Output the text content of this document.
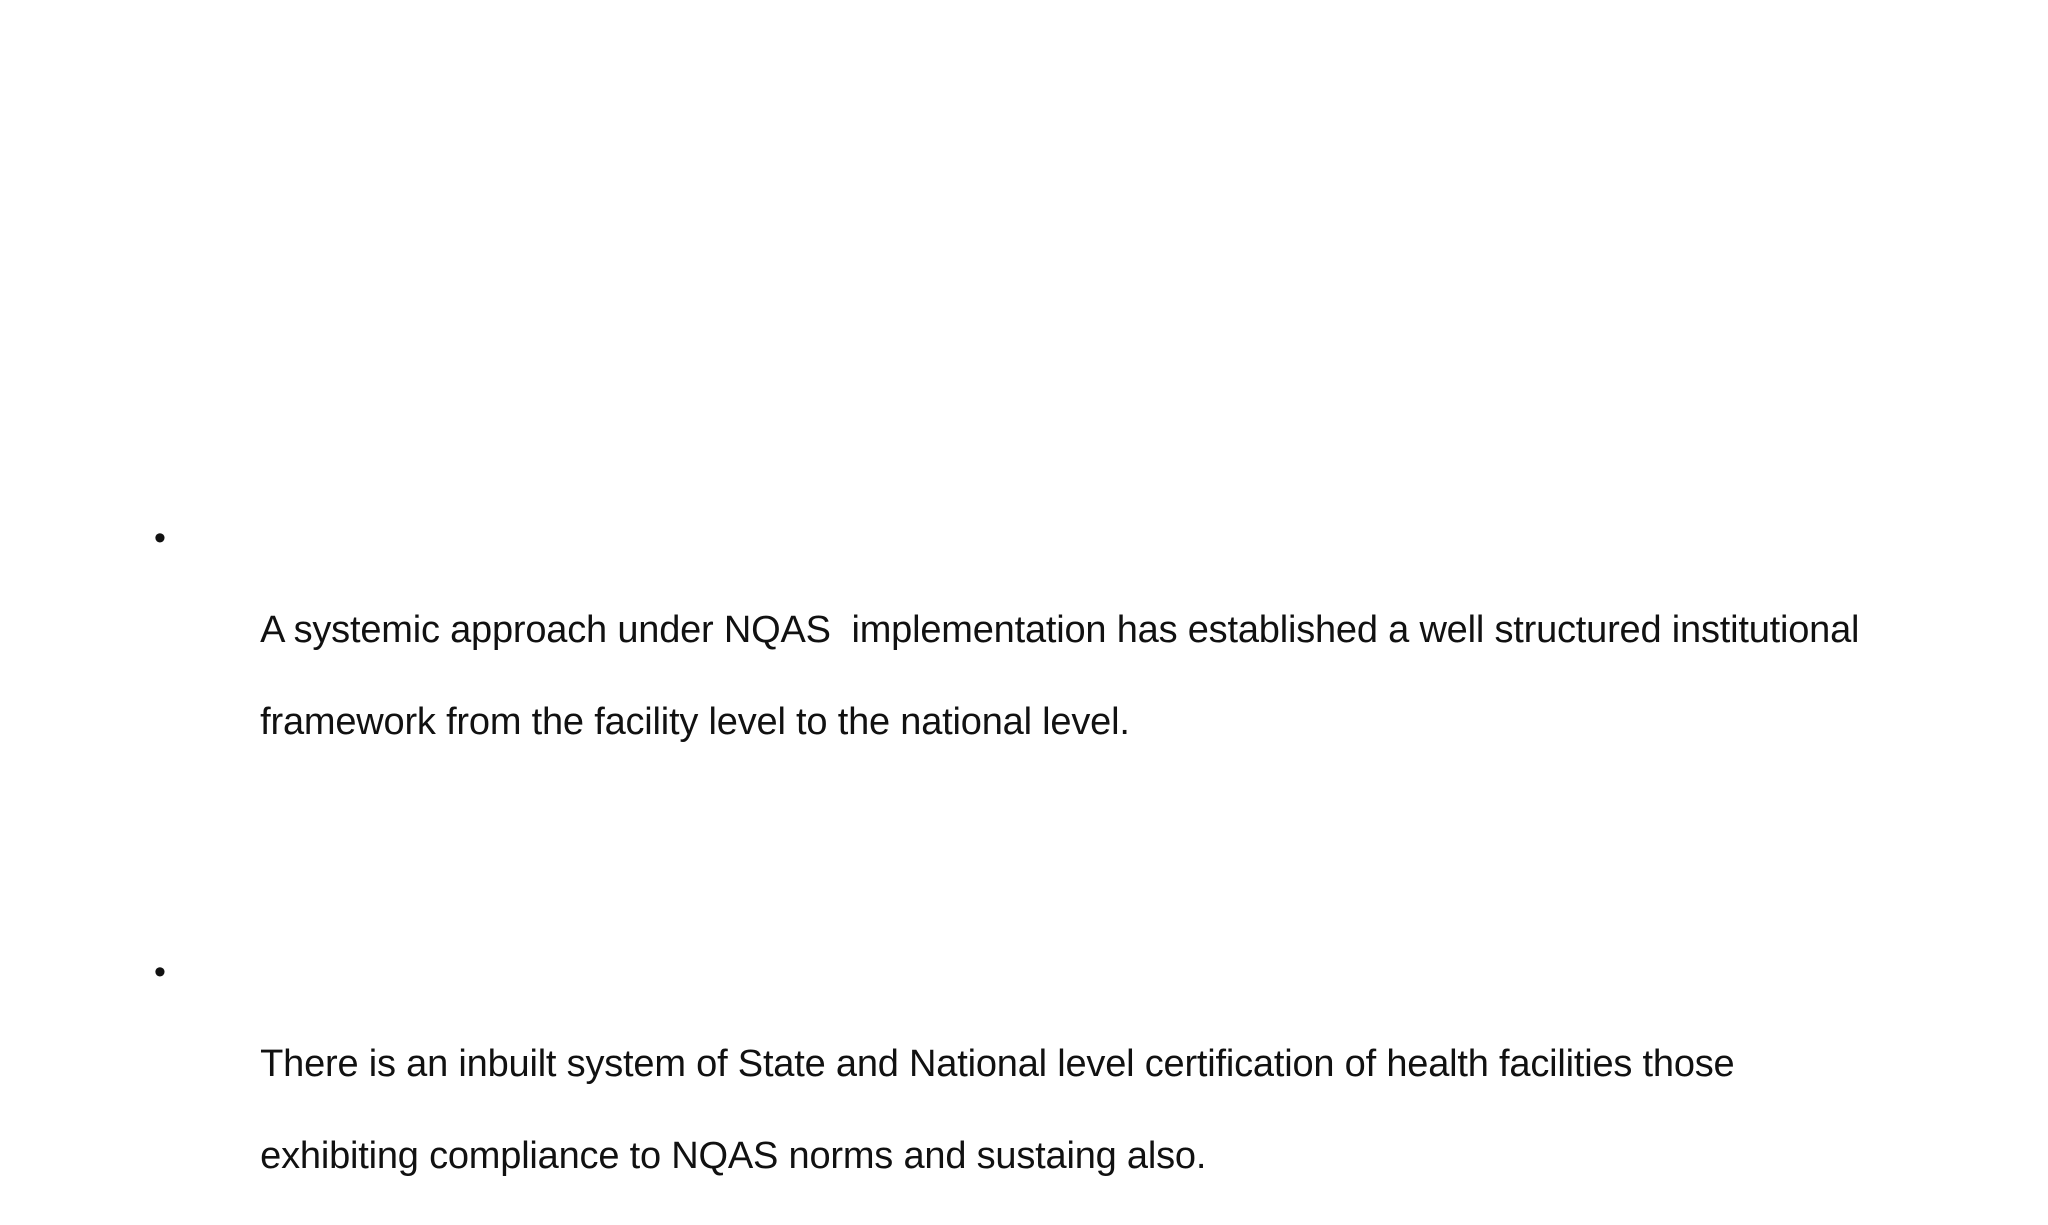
•

A systemic approach under NQAS  implementation has established a well structured institutional

framework from the facility level to the national level.

•

There is an inbuilt system of State and National level certification of health facilities those

exhibiting compliance to NQAS norms and sustaing also.
